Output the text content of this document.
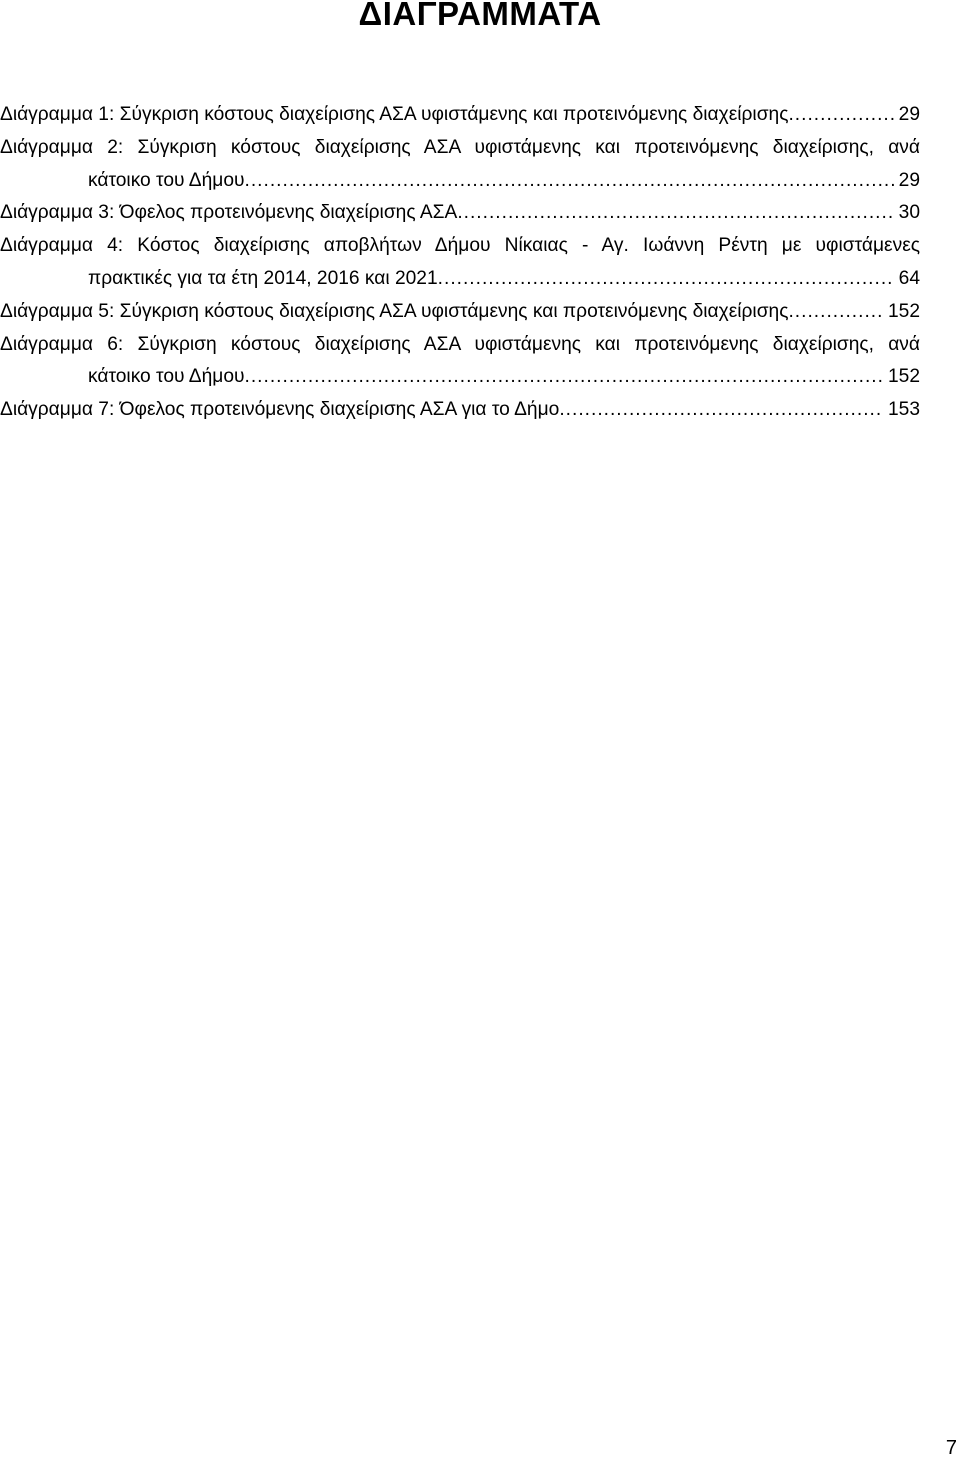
ΔΙΑΓΡΑΜΜΑΤΑ
Διάγραμμα 1: Σύγκριση κόστους διαχείρισης ΑΣΑ υφιστάμενης και προτεινόμενης διαχείρισης .....	29
Διάγραμμα 2: Σύγκριση κόστους διαχείρισης ΑΣΑ υφιστάμενης και προτεινόμενης διαχείρισης, ανά
κάτοικο του Δήμου .....	29
Διάγραμμα 3: Όφελος προτεινόμενης διαχείρισης ΑΣΑ .....	30
Διάγραμμα 4: Κόστος διαχείρισης αποβλήτων Δήμου Νίκαιας - Αγ. Ιωάννη Ρέντη με υφιστάμενες
πρακτικές για τα έτη 2014, 2016 και 2021 .....	64
Διάγραμμα 5: Σύγκριση κόστους διαχείρισης ΑΣΑ υφιστάμενης και προτεινόμενης διαχείρισης .....	152
Διάγραμμα 6: Σύγκριση κόστους διαχείρισης ΑΣΑ υφιστάμενης και προτεινόμενης διαχείρισης, ανά
κάτοικο του Δήμου .....	152
Διάγραμμα 7: Όφελος προτεινόμενης διαχείρισης ΑΣΑ για το Δήμο .....	153
7
